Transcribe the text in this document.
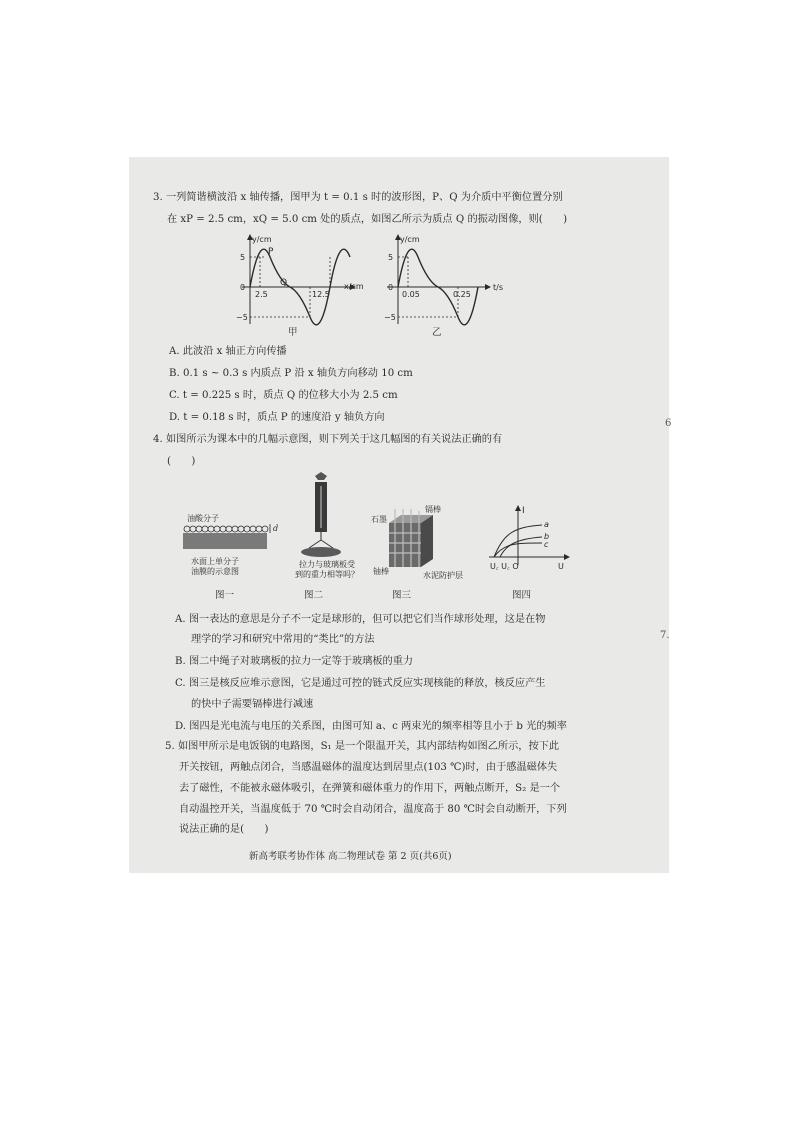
3. 一列简谐横波沿 x 轴传播，图甲为 t = 0.1 s 时的波形图，P、Q 为介质中平衡位置分别
在 xP = 2.5 cm，xQ = 5.0 cm 处的质点，如图乙所示为质点 Q 的振动图像，则(　　)
y/cm
P
Q
5
0
−5
2.5	12.5
x/cm
甲
y/cm
5
0
−5
0.05	0.25
t/s
乙
A. 此波沿 x 轴正方向传播
B. 0.1 s ~ 0.3 s 内质点 P 沿 x 轴负方向移动 10 cm
C. t = 0.225 s 时，质点 Q 的位移大小为 2.5 cm
D. t = 0.18 s 时，质点 P 的速度沿 y 轴负方向
4. 如图所示为课本中的几幅示意图，则下列关于这几幅图的有关说法正确的有
(　　)
油酸分子
d
水面上单分子
油膜的示意图
图一
拉力与玻璃板受
到的重力相等吗？
图二
石墨
镉棒
铀棒	水泥防护层
图三
I
a
b
c
U꜀ U꜀ O	U
图四
A. 图一表达的意思是分子不一定是球形的，但可以把它们当作球形处理，这是在物
理学的学习和研究中常用的“类比”的方法
B. 图二中绳子对玻璃板的拉力一定等于玻璃板的重力
C. 图三是核反应堆示意图，它是通过可控的链式反应实现核能的释放，核反应产生
的快中子需要镉棒进行减速
D. 图四是光电流与电压的关系图，由图可知 a、c 两束光的频率相等且小于 b 光的频率
5. 如图甲所示是电饭锅的电路图，S₁ 是一个限温开关，其内部结构如图乙所示，按下此
开关按钮，两触点闭合，当感温磁体的温度达到居里点(103 ℃)时，由于感温磁体失
去了磁性，不能被永磁体吸引，在弹簧和磁体重力的作用下，两触点断开，S₂ 是一个
自动温控开关，当温度低于 70 ℃时会自动闭合，温度高于 80 ℃时会自动断开，下列
说法正确的是(　　)
新高考联考协作体 高二物理试卷 第 2 页(共6页)
6
7.
